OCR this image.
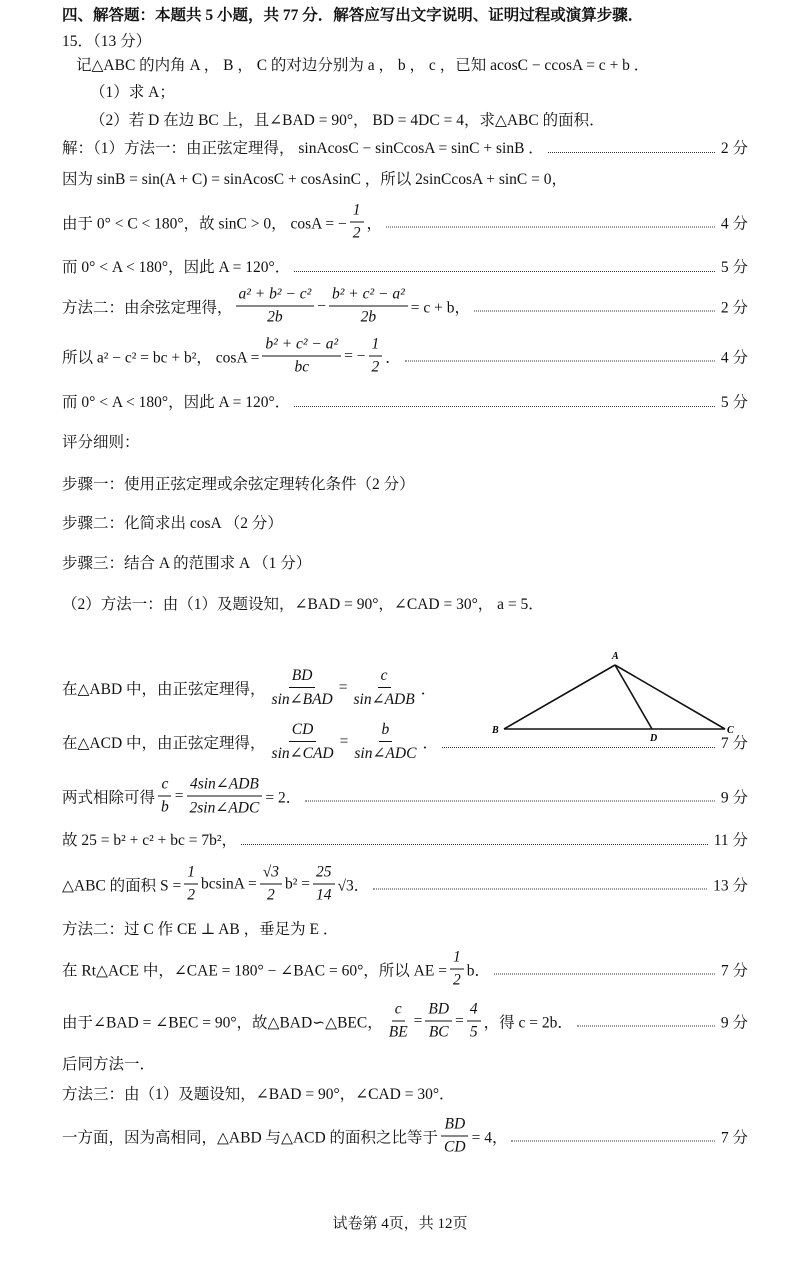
四、解答题：本题共 5 小题，共 77 分．解答应写出文字说明、证明过程或演算步骤．
15．（13 分）
记△ABC 的内角 A ， B ， C 的对边分别为 a ， b ， c ，已知 acosC − ccosA = c + b ．
（1）求 A；
（2）若 D 在边 BC 上，且∠BAD = 90°， BD = 4DC = 4，求△ABC 的面积．
解：（1）方法一：由正弦定理得， sinAcosC − sinCcosA = sinC + sinB ．	2 分
因为 sinB = sin(A + C) = sinAcosC + cosAsinC ，所以 2sinCcosA + sinC = 0，
由于 0° < C < 180°，故 sinC > 0， cosA = − $\frac{1}{2}$ ，	4 分
而 0° < A < 180°，因此 A = 120°．	5 分
方法二：由余弦定理得， $\frac{\text{a² + b² − c²}}{2b} - \frac{\text{b² + c² − a²}}{2b} = c + b$，	2 分
所以 a² − c² = bc + b²， $\cos A = \frac{\text{b² + c² − a²}}{bc}$ = − $\frac{1}{2}$ ．	4 分
而 0° < A < 180°，因此 A = 120°．	5 分
评分细则：
步骤一：使用正弦定理或余弦定理转化条件（2 分）
步骤二：化简求出 cosA （2 分）
步骤三：结合 A 的范围求 A （1 分）
（2）方法一：由（1）及题设知，∠BAD = 90°，∠CAD = 30°， a = 5．
在△ABD 中，由正弦定理得， $\frac{BD}{\text{sin∠BAD}} = \frac{c}{\text{sin∠ADB}}$ ．
在△ACD 中，由正弦定理得， $\frac{CD}{\text{sin∠CAD}} = \frac{b}{\text{sin∠ADC}}$ ．	7 分
两式相除可得 $\frac{c}{b} = \frac{\text{4sin∠ADB}}{\text{2sin∠ADC}} = 2$．	9 分
故 25 = b² + c² + bc = 7b²，	11 分
△ABC 的面积 $S = \frac{1}{2}$ $bcsinA = \frac{√3}{2} b^2 = \frac{25}{14} √3$．	13 分
方法二：过 C 作 CE ⊥ AB ，垂足为 E ．
在 Rt△ACE 中，∠CAE = 180° − ∠BAC = 60°，所以 AE = $\frac{1}{2}$ b．	7 分
由于∠BAD = ∠BEC = 90°，故△BAD∽△BEC， $\frac{c}{BE} = \frac{BD}{BC} = \frac{4}{5}$ ，得 c = 2b．	9 分
后同方法一．
方法三：由（1）及题设知，∠BAD = 90°，∠CAD = 30°．
一方面，因为高相同，△ABD 与△ACD 的面积之比等于 $\frac{BD}{CD} = 4$，	7 分
A
B	C
D
试卷第 4页，共 12页
